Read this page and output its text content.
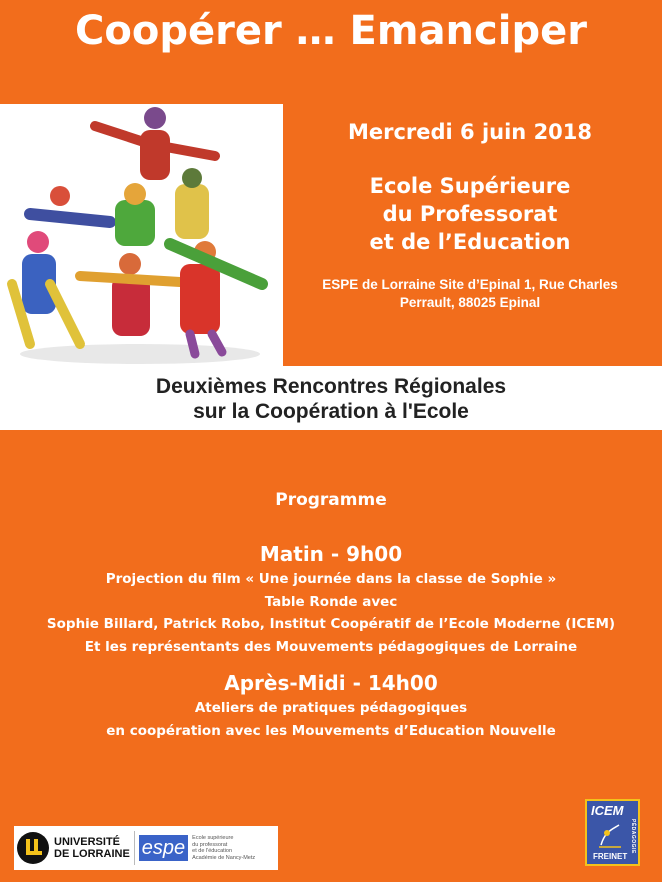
Coopérer … Emanciper
Mercredi 6 juin 2018
Ecole Supérieure
du Professorat
et de l’Education
ESPE de Lorraine Site d’Epinal 1, Rue Charles
Perrault, 88025 Epinal
Deuxièmes Rencontres Régionales
sur la Coopération à l'Ecole
Programme
Matin - 9h00
Projection du film « Une journée dans la classe de Sophie »
Table Ronde avec
Sophie Billard, Patrick Robo, Institut Coopératif de l’Ecole Moderne (ICEM)
Et les représentants des Mouvements pédagogiques de Lorraine
Après-Midi - 14h00
Ateliers de pratiques pédagogiques
en coopération avec les Mouvements d’Education Nouvelle
UNIVERSITÉ
DE LORRAINE espe	Ecole supérieure
du professorat
et de l'éducation
Académie de Nancy-Metz
ICEM
PÉDAGOGIE
FREINET
